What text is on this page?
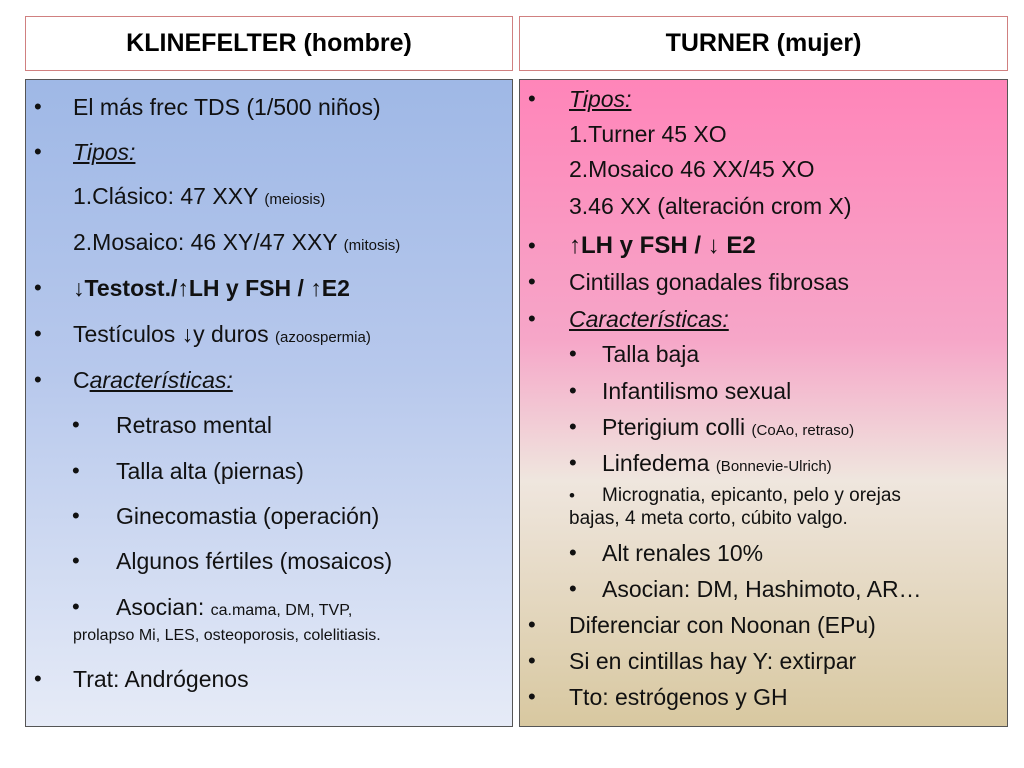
KLINEFELTER (hombre)	TURNER (mujer)
• El más frec TDS (1/500 niños)
• Tipos:
1.Clásico: 47 XXY (meiosis)
2.Mosaico: 46 XY/47 XXY (mitosis)
• ↓Testost./↑LH y FSH / ↑E2
• Testículos ↓y duros (azoospermia)
• Características:
• Retraso mental
• Talla alta (piernas)
• Ginecomastia (operación)
• Algunos fértiles (mosaicos)
• Asocian: ca.mama, DM, TVP,
prolapso Mi, LES, osteoporosis, colelitiasis.
• Trat: Andrógenos
• Tipos:
1.Turner 45 XO
2.Mosaico 46 XX/45 XO
3.46 XX (alteración crom X)
• ↑LH y FSH / ↓ E2
• Cintillas gonadales fibrosas
• Características:
• Talla baja
• Infantilismo sexual
• Pterigium colli (CoAo, retraso)
• Linfedema (Bonnevie-Ulrich)
• Micrognatia, epicanto, pelo y orejas
bajas, 4 meta corto, cúbito valgo.
• Alt renales 10%
• Asocian: DM, Hashimoto, AR…
• Diferenciar con Noonan (EPu)
• Si en cintillas hay Y: extirpar
• Tto: estrógenos y GH
